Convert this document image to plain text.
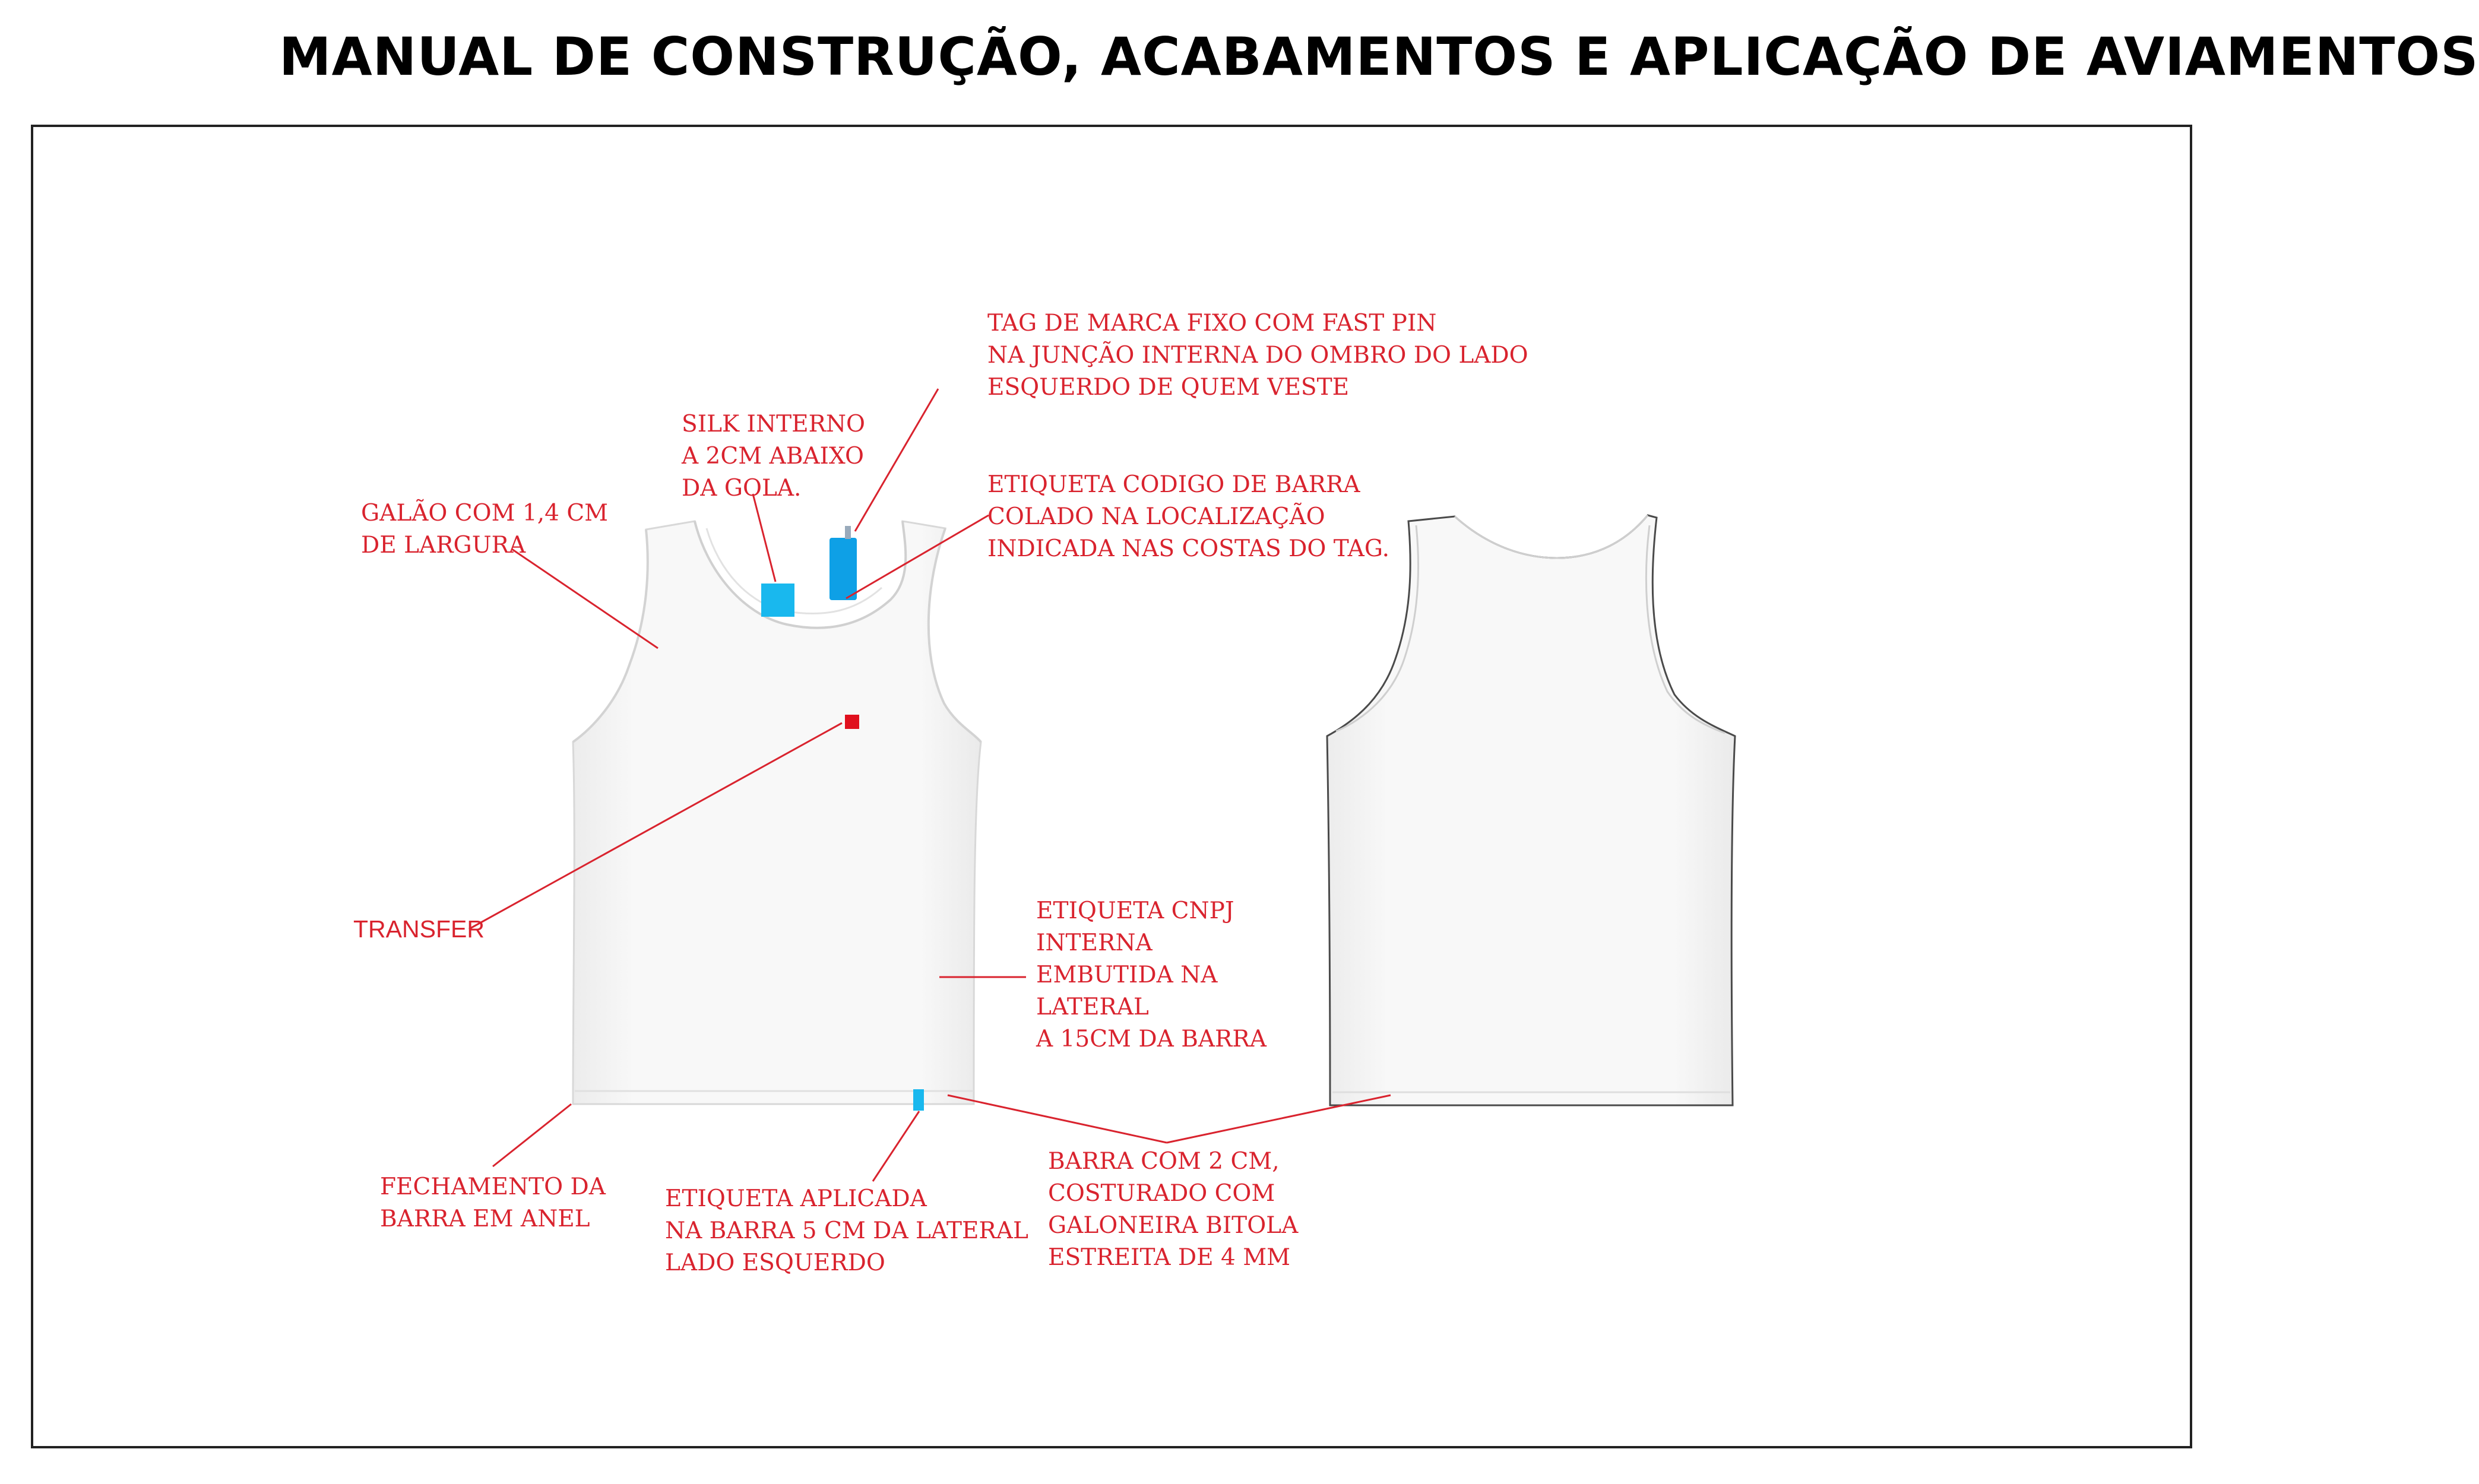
MANUAL DE CONSTRUÇÃO, ACABAMENTOS E APLICAÇÃO DE AVIAMENTOS
GALÃO COM 1,4 CM
DE LARGURA
SILK INTERNO
A 2CM ABAIXO
DA GOLA.
TAG DE MARCA FIXO COM FAST PIN
NA JUNÇÃO INTERNA DO OMBRO DO LADO
ESQUERDO DE QUEM VESTE
ETIQUETA CODIGO DE BARRA
COLADO NA LOCALIZAÇÃO
INDICADA NAS COSTAS DO TAG.
TRANSFER
ETIQUETA CNPJ
INTERNA
EMBUTIDA NA
LATERAL
A 15CM DA BARRA
FECHAMENTO DA
BARRA EM ANEL
ETIQUETA APLICADA
NA BARRA 5 CM DA LATERAL
LADO ESQUERDO
BARRA COM 2 CM,
COSTURADO COM
GALONEIRA BITOLA
ESTREITA DE 4 MM
